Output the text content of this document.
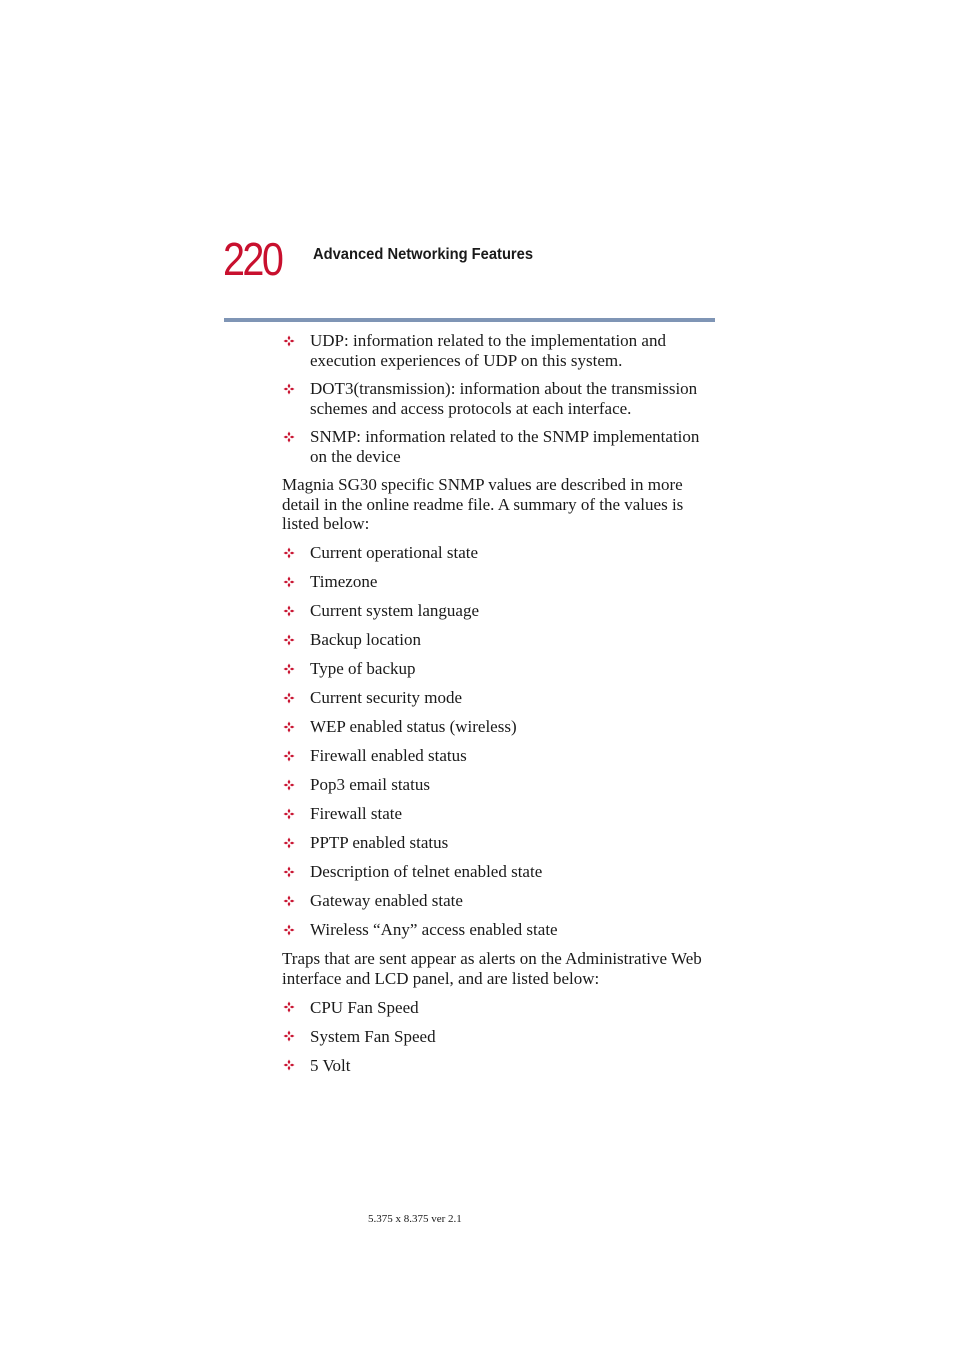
220 Advanced Networking Features
UDP: information related to the implementation and execution experiences of UDP on this system.
DOT3(transmission): information about the transmission schemes and access protocols at each interface.
SNMP: information related to the SNMP implementation on the device

Magnia SG30 specific SNMP values are described in more detail in the online readme file. A summary of the values is listed below:

Current operational state
Timezone
Current system language
Backup location
Type of backup
Current security mode
WEP enabled status (wireless)
Firewall enabled status
Pop3 email status
Firewall state
PPTP enabled status
Description of telnet enabled state
Gateway enabled state
Wireless “Any” access enabled state

Traps that are sent appear as alerts on the Administrative Web interface and LCD panel, and are listed below:

CPU Fan Speed
System Fan Speed
5 Volt
5.375 x 8.375 ver 2.1
